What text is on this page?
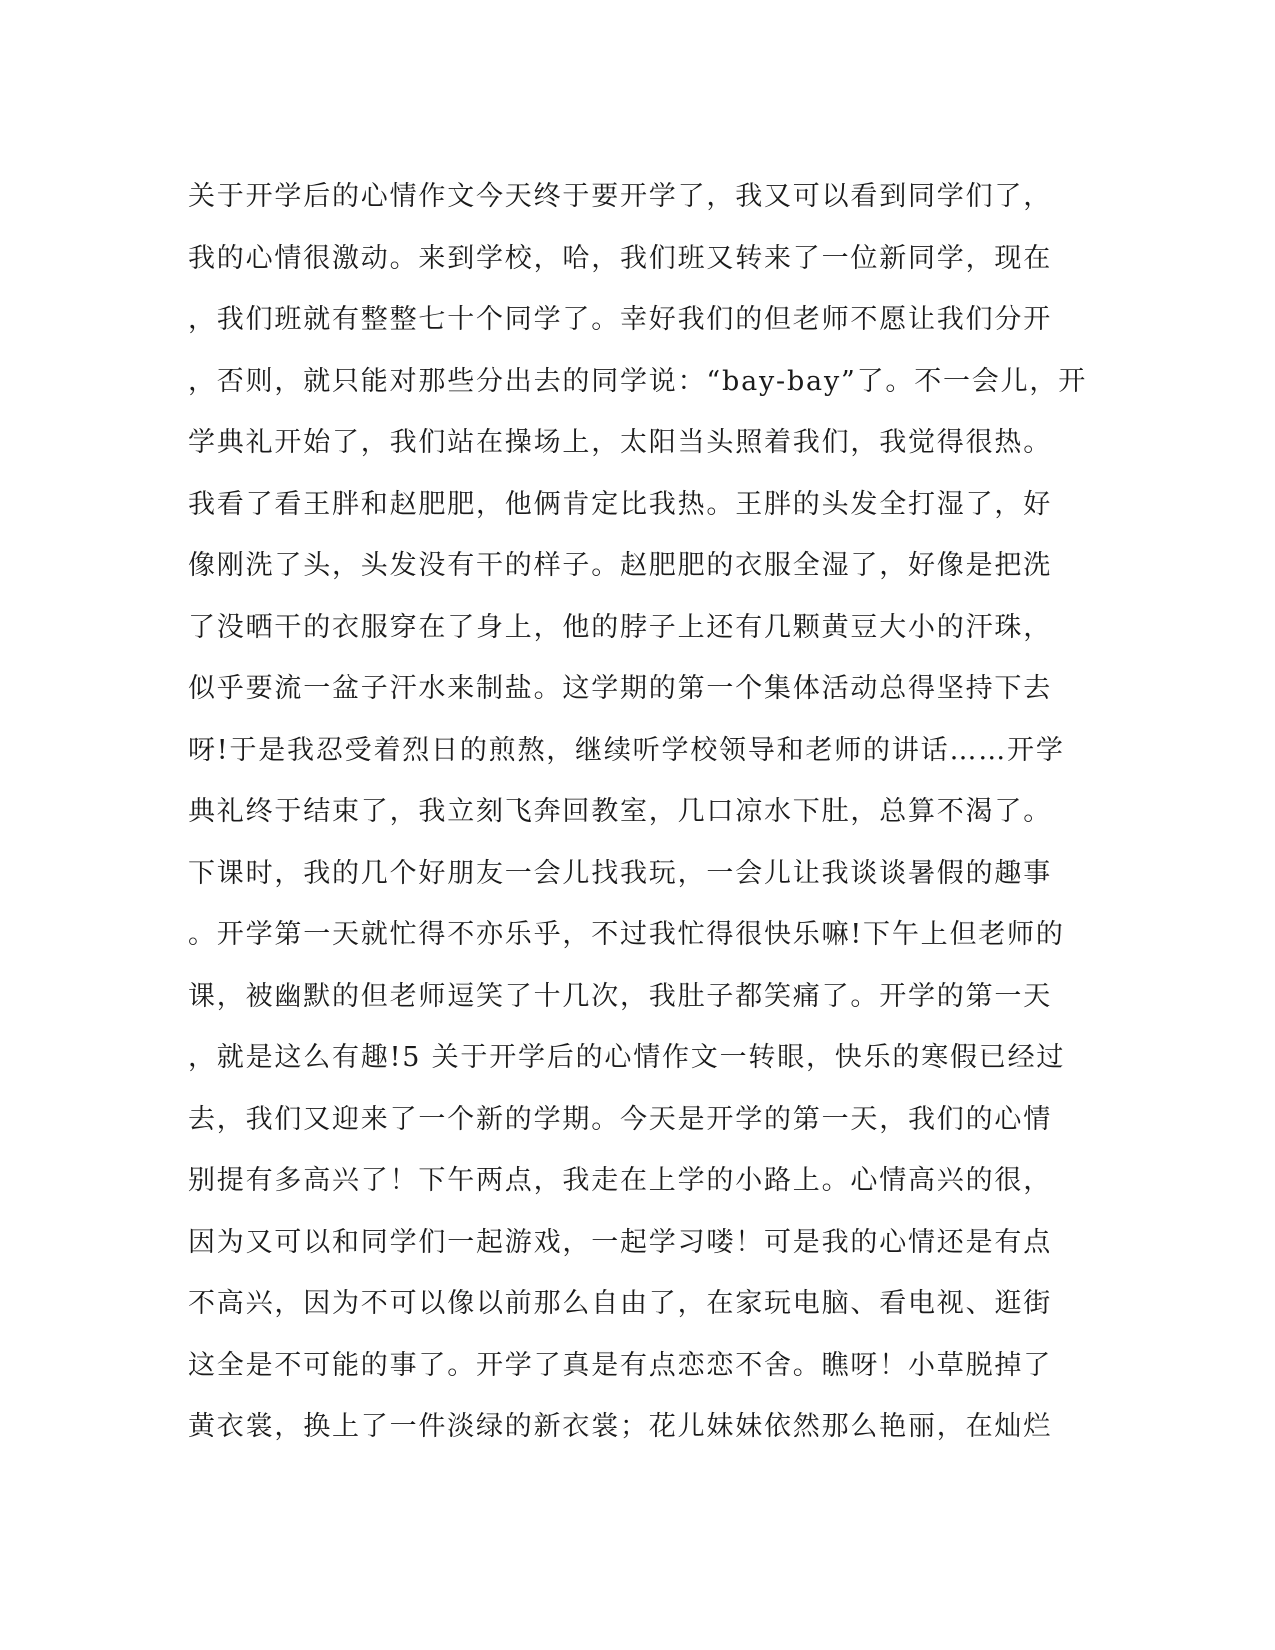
关于开学后的心情作文今天终于要开学了，我又可以看到同学们了，
我的心情很激动。来到学校，哈，我们班又转来了一位新同学，现在
，我们班就有整整七十个同学了。幸好我们的但老师不愿让我们分开
，否则，就只能对那些分出去的同学说：“bay-bay”了。不一会儿，开
学典礼开始了，我们站在操场上，太阳当头照着我们，我觉得很热。
我看了看王胖和赵肥肥，他俩肯定比我热。王胖的头发全打湿了，好
像刚洗了头，头发没有干的样子。赵肥肥的衣服全湿了，好像是把洗
了没晒干的衣服穿在了身上，他的脖子上还有几颗黄豆大小的汗珠，
似乎要流一盆子汗水来制盐。这学期的第一个集体活动总得坚持下去
呀!于是我忍受着烈日的煎熬，继续听学校领导和老师的讲话……开学
典礼终于结束了，我立刻飞奔回教室，几口凉水下肚，总算不渴了。
下课时，我的几个好朋友一会儿找我玩，一会儿让我谈谈暑假的趣事
。开学第一天就忙得不亦乐乎，不过我忙得很快乐嘛!下午上但老师的
课，被幽默的但老师逗笑了十几次，我肚子都笑痛了。开学的第一天
，就是这么有趣!5 关于开学后的心情作文一转眼，快乐的寒假已经过
去，我们又迎来了一个新的学期。今天是开学的第一天，我们的心情
别提有多高兴了！下午两点，我走在上学的小路上。心情高兴的很，
因为又可以和同学们一起游戏，一起学习喽！可是我的心情还是有点
不高兴，因为不可以像以前那么自由了，在家玩电脑、看电视、逛街
这全是不可能的事了。开学了真是有点恋恋不舍。瞧呀！小草脱掉了
黄衣裳，换上了一件淡绿的新衣裳；花儿妹妹依然那么艳丽，在灿烂
